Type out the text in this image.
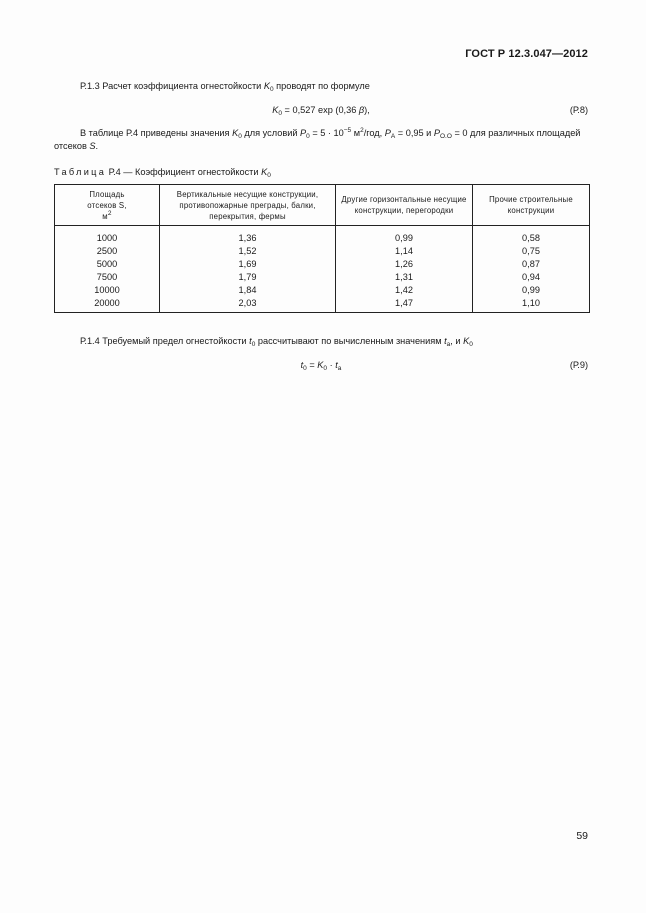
ГОСТ Р 12.3.047—2012
Р.1.3 Расчет коэффициента огнестойкости $K_0$ проводят по формуле
$K_0 = 0,527$ exp (0,36 β),	(Р.8)
В таблице Р.4 приведены значения $K_0$ для условий $P_0 = 5 \cdot 10^{-5}$ $м^2$/год, $P_А = 0,95$ и $P_{О.О} = 0$ для различных площадей отсеков S.
Таблица Р.4 — Коэффициент огнестойкости $K_0$
Площадь
отсеков S,
$м^2$	Вертикальные несущие конструкции, противопожарные преграды, балки, перекрытия, фермы	Другие горизонтальные несущие конструкции, перегородки	Прочие строительные конструкции
1000	1,36	0,99	0,58
2500	1,52	1,14	0,75
5000	1,69	1,26	0,87
7500	1,79	1,31	0,94
10000	1,84	1,42	0,99
20000	2,03	1,47	1,10
Р.1.4 Требуемый предел огнестойкости $t_0$ рассчитывают по вычисленным значениям $t_а$, и $K_0$
$t_0 = K_0 \cdot t_а$	(Р.9)
59
